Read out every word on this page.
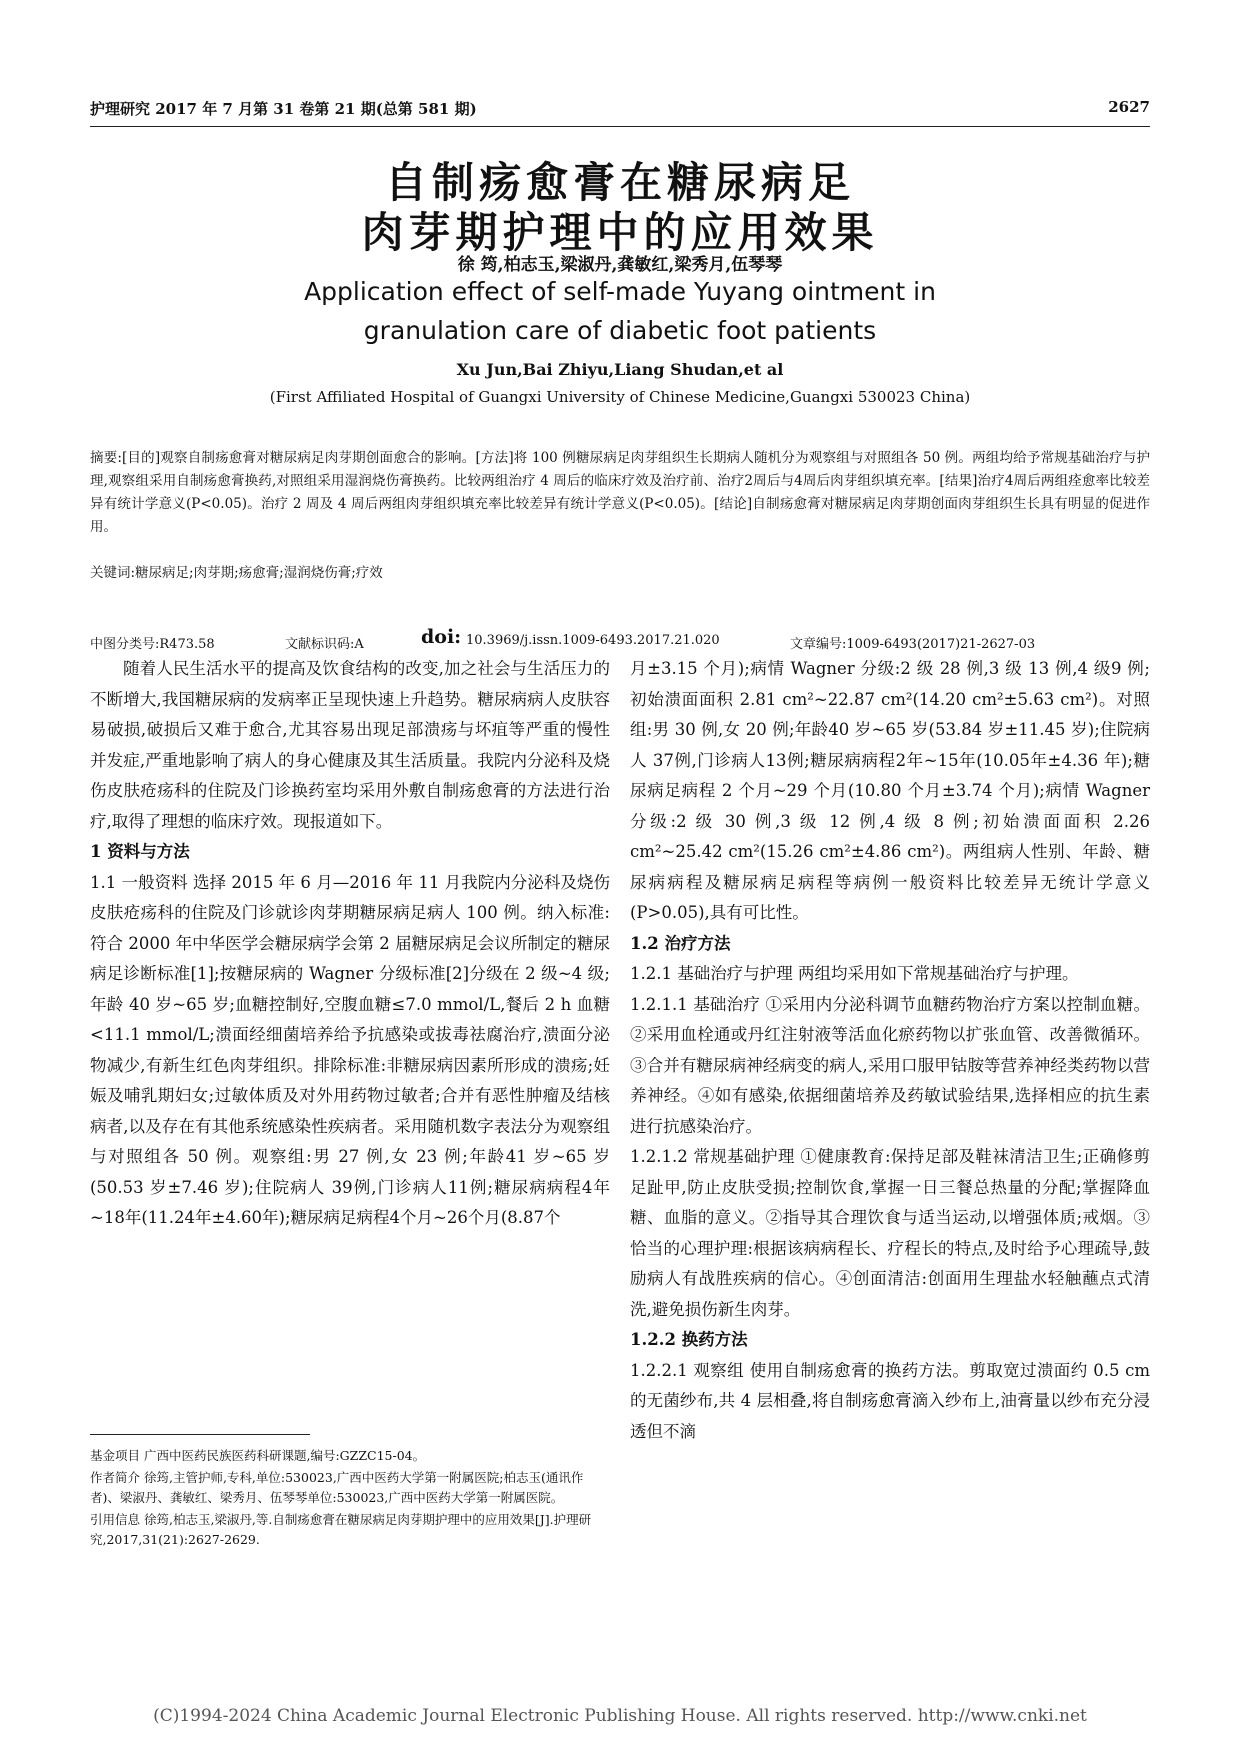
护理研究 2017 年 7 月第 31 卷第 21 期(总第 581 期)	2627
自制疡愈膏在糖尿病足
肉芽期护理中的应用效果
徐 筠,柏志玉,梁淑丹,龚敏红,梁秀月,伍琴琴
Application effect of self-made Yuyang ointment in
granulation care of diabetic foot patients
Xu Jun,Bai Zhiyu,Liang Shudan,et al
(First Affiliated Hospital of Guangxi University of Chinese Medicine,Guangxi 530023 China)
摘要:[目的]观察自制疡愈膏对糖尿病足肉芽期创面愈合的影响。[方法]将 100 例糖尿病足肉芽组织生长期病人随机分为观察组与对照组各 50 例。两组均给予常规基础治疗与护理,观察组采用自制疡愈膏换药,对照组采用湿润烧伤膏换药。比较两组治疗 4 周后的临床疗效及治疗前、治疗2周后与4周后肉芽组织填充率。[结果]治疗4周后两组痊愈率比较差异有统计学意义(P<0.05)。治疗 2 周及 4 周后两组肉芽组织填充率比较差异有统计学意义(P<0.05)。[结论]自制疡愈膏对糖尿病足肉芽期创面肉芽组织生长具有明显的促进作用。
关键词:糖尿病足;肉芽期;疡愈膏;湿润烧伤膏;疗效
中图分类号:R473.58	文献标识码:A	doi: 10.3969/j.issn.1009-6493.2017.21.020	文章编号:1009-6493(2017)21-2627-03

随着人民生活水平的提高及饮食结构的改变,加之社会与生活压力的不断增大,我国糖尿病的发病率正呈现快速上升趋势。糖尿病病人皮肤容易破损,破损后又难于愈合,尤其容易出现足部溃疡与坏疽等严重的慢性并发症,严重地影响了病人的身心健康及其生活质量。我院内分泌科及烧伤皮肤疮疡科的住院及门诊换药室均采用外敷自制疡愈膏的方法进行治疗,取得了理想的临床疗效。现报道如下。

1 资料与方法

1.1 一般资料 选择 2015 年 6 月—2016 年 11 月我院内分泌科及烧伤皮肤疮疡科的住院及门诊就诊肉芽期糖尿病足病人 100 例。纳入标准:符合 2000 年中华医学会糖尿病学会第 2 届糖尿病足会议所制定的糖尿病足诊断标准[1];按糖尿病的 Wagner 分级标准[2]分级在 2 级~4 级;年龄 40 岁~65 岁;血糖控制好,空腹血糖≤7.0 mmol/L,餐后 2 h 血糖<11.1 mmol/L;溃面经细菌培养给予抗感染或拔毒祛腐治疗,溃面分泌物减少,有新生红色肉芽组织。排除标准:非糖尿病因素所形成的溃疡;妊娠及哺乳期妇女;过敏体质及对外用药物过敏者;合并有恶性肿瘤及结核病者,以及存在有其他系统感染性疾病者。采用随机数字表法分为观察组与对照组各 50 例。观察组:男 27 例,女 23 例;年龄41 岁~65 岁(50.53 岁±7.46 岁);住院病人 39例,门诊病人11例;糖尿病病程4年~18年(11.24年±4.60年);糖尿病足病程4个月~26个月(8.87个

月±3.15 个月);病情 Wagner 分级:2 级 28 例,3 级 13 例,4 级9 例;初始溃面面积 2.81 cm²~22.87 cm²(14.20 cm²±5.63 cm²)。对照组:男 30 例,女 20 例;年龄40 岁~65 岁(53.84 岁±11.45 岁);住院病人 37例,门诊病人13例;糖尿病病程2年~15年(10.05年±4.36 年);糖尿病足病程 2 个月~29 个月(10.80 个月±3.74 个月);病情 Wagner 分级:2 级 30 例,3 级 12 例,4 级 8 例;初始溃面面积 2.26 cm²~25.42 cm²(15.26 cm²±4.86 cm²)。两组病人性别、年龄、糖尿病病程及糖尿病足病程等病例一般资料比较差异无统计学意义(P>0.05),具有可比性。

1.2 治疗方法

1.2.1 基础治疗与护理 两组均采用如下常规基础治疗与护理。

1.2.1.1 基础治疗 ①采用内分泌科调节血糖药物治疗方案以控制血糖。②采用血栓通或丹红注射液等活血化瘀药物以扩张血管、改善微循环。③合并有糖尿病神经病变的病人,采用口服甲钴胺等营养神经类药物以营养神经。④如有感染,依据细菌培养及药敏试验结果,选择相应的抗生素进行抗感染治疗。

1.2.1.2 常规基础护理 ①健康教育:保持足部及鞋袜清洁卫生;正确修剪足趾甲,防止皮肤受损;控制饮食,掌握一日三餐总热量的分配;掌握降血糖、血脂的意义。②指导其合理饮食与适当运动,以增强体质;戒烟。③恰当的心理护理:根据该病病程长、疗程长的特点,及时给予心理疏导,鼓励病人有战胜疾病的信心。④创面清洁:创面用生理盐水轻触蘸点式清洗,避免损伤新生肉芽。

1.2.2 换药方法

1.2.2.1 观察组 使用自制疡愈膏的换药方法。剪取宽过溃面约 0.5 cm 的无菌纱布,共 4 层相叠,将自制疡愈膏滴入纱布上,油膏量以纱布充分浸透但不滴

基金项目 广西中医药民族医药科研课题,编号:GZZC15-04。

作者简介 徐筠,主管护师,专科,单位:530023,广西中医药大学第一附属医院;柏志玉(通讯作者)、梁淑丹、龚敏红、梁秀月、伍琴琴单位:530023,广西中医药大学第一附属医院。

引用信息 徐筠,柏志玉,梁淑丹,等.自制疡愈膏在糖尿病足肉芽期护理中的应用效果[J].护理研究,2017,31(21):2627-2629.

(C)1994-2024 China Academic Journal Electronic Publishing House. All rights reserved. http://www.cnki.net
